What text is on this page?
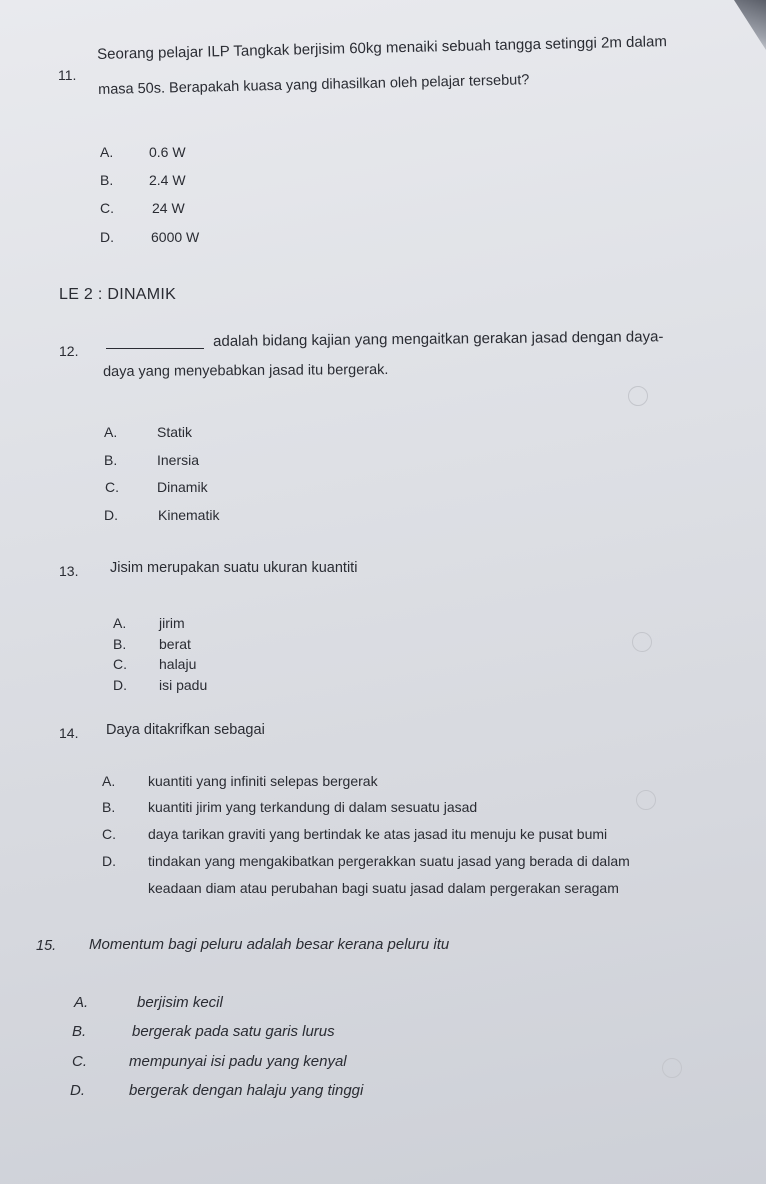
11.
Seorang pelajar ILP Tangkak berjisim 60kg menaiki sebuah tangga setinggi 2m dalam
masa 50s. Berapakah kuasa yang dihasilkan oleh pelajar tersebut?
A.	0.6 W
B.	2.4 W
C.	24 W
D.	6000 W
LE 2 : DINAMIK
12.
adalah bidang kajian yang mengaitkan gerakan jasad dengan daya-
daya yang menyebabkan jasad itu bergerak.
A.	Statik
B.	Inersia
C.	Dinamik
D.	Kinematik
13. Jisim merupakan suatu ukuran kuantiti
A. jirim
B. berat
C. halaju
D. isi padu
14. Daya ditakrifkan sebagai
A. kuantiti yang infiniti selepas bergerak
B. kuantiti jirim yang terkandung di dalam sesuatu jasad
C. daya tarikan graviti yang bertindak ke atas jasad itu menuju ke pusat bumi
D. tindakan yang mengakibatkan pergerakkan suatu jasad yang berada di dalam
keadaan diam atau perubahan bagi suatu jasad dalam pergerakan seragam
15. Momentum bagi peluru adalah besar kerana peluru itu
A.	berjisim kecil
B.	bergerak pada satu garis lurus
C.	mempunyai isi padu yang kenyal
D.	bergerak dengan halaju yang tinggi
